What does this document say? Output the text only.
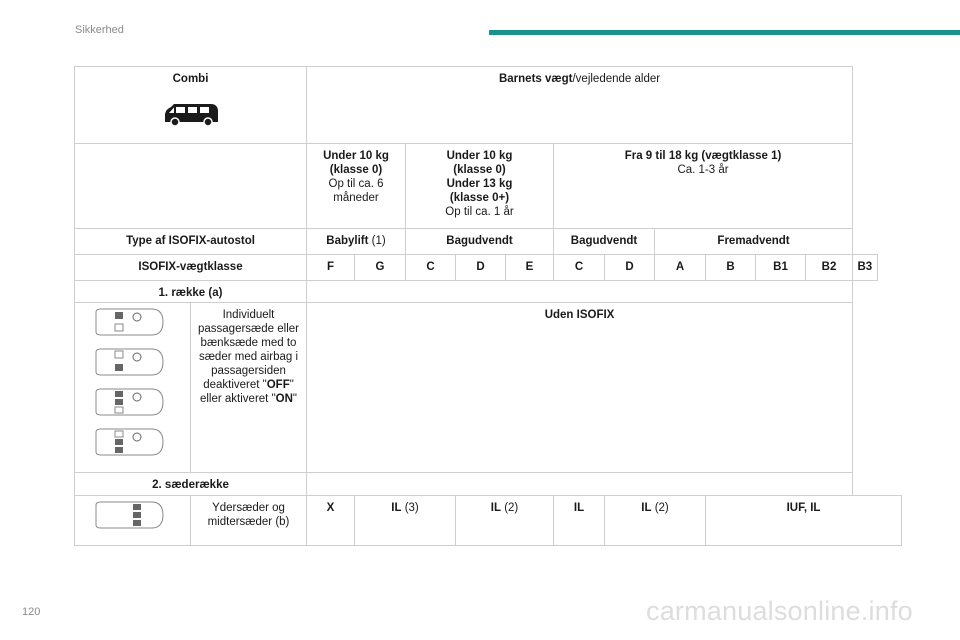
Sikkerhed
Combi		Barnets vægt/vejledende alder											

		Under 10 kg
(klasse 0)
Op til ca. 6
måneder		Under 10 kg
(klasse 0)
Under 13 kg
(klasse 0+)
Op til ca. 1 år			Fra 9 til 18 kg (vægtklasse 1)
Ca. 1-3 år						

Type af ISOFIX-autostol		Babylift (1)		Bagudvendt			Bagudvendt		Fremadvendt				
ISOFIX-vægtklasse		F	G	C	D	E	C	D	A	B	B1	B2	B3
1. række (a)													

	Individuelt passagersæde eller bænksæde med to sæder med airbag i passagersiden deaktiveret "OFF" eller aktiveret "ON"	Uden ISOFIX											
2. sæderække													

	Ydersæder og midtersæder (b)	X	IL (3)		IL (2)		IL	IL (2)		IUF, IL			
120	carmanualsonline.info
